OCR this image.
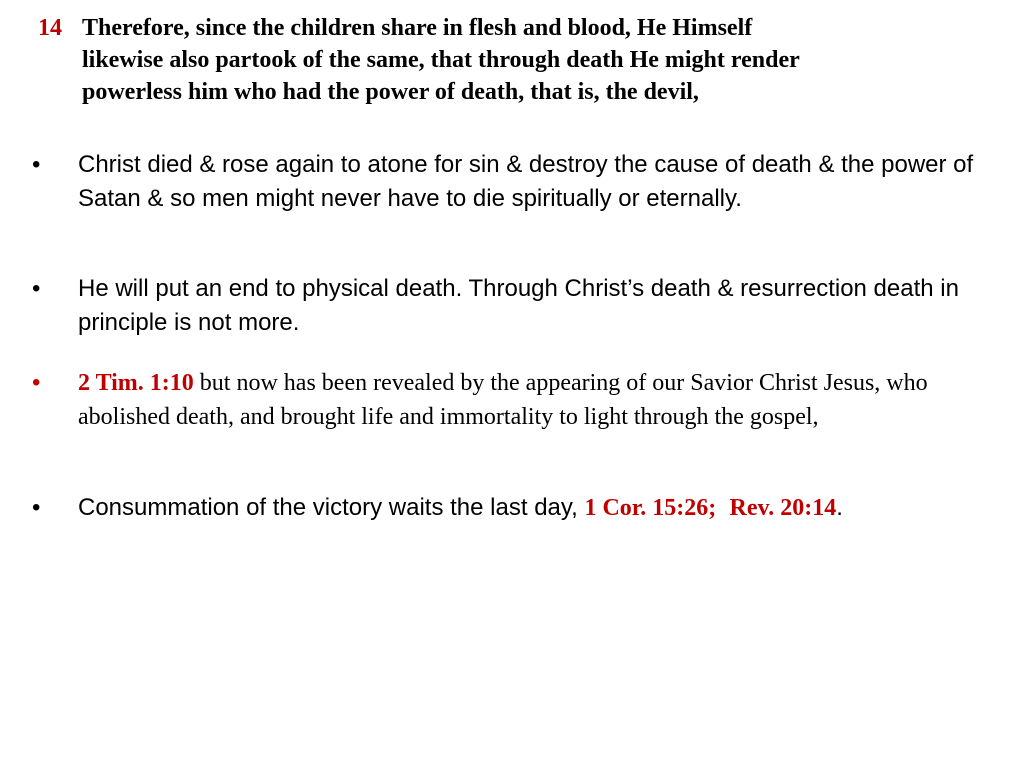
14 Therefore, since the children share in flesh and blood, He Himself
likewise also partook of the same, that through death He might render
powerless him who had the power of death, that is, the devil,
•	Christ died & rose again to atone for sin & destroy the cause of death & the power of Satan & so men might never have to die spiritually or eternally.
•	He will put an end to physical death. Through Christ’s death & resurrection death in principle is not more.
•	2 Tim. 1:10 but now has been revealed by the appearing of our Savior Christ Jesus, who abolished death, and brought life and immortality to light through the gospel,
•	Consummation of the victory waits the last day, 1 Cor. 15:26; Rev. 20:14.
